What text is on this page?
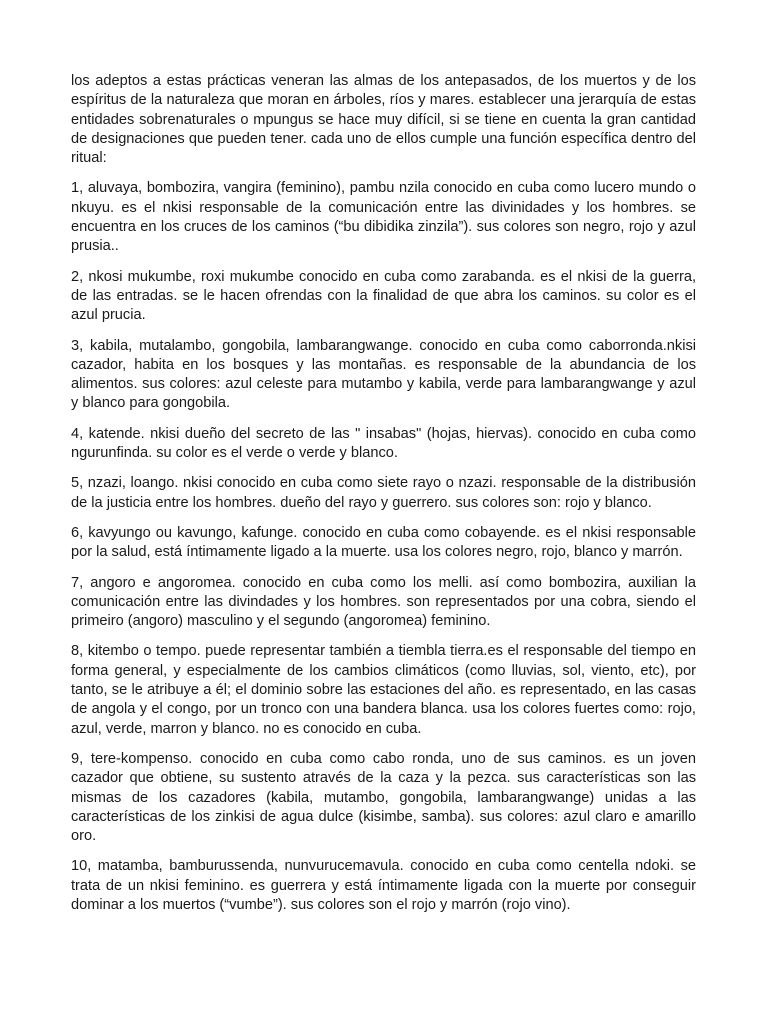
los adeptos a estas prácticas veneran las almas de los antepasados, de los muertos y de los espíritus de la naturaleza que moran en árboles, ríos y mares. establecer una jerarquía de estas entidades sobrenaturales o mpungus se hace muy difícil, si se tiene en cuenta la gran cantidad de designaciones que pueden tener. cada uno de ellos cumple una función específica dentro del ritual:

1, aluvaya, bombozira, vangira (feminino), pambu nzila conocido en cuba como lucero mundo o nkuyu. es el nkisi responsable de la comunicación entre las divinidades y los hombres. se encuentra en los cruces de los caminos (“bu dibidika zinzila”). sus colores son negro, rojo y azul prusia..

2, nkosi mukumbe, roxi mukumbe conocido en cuba como zarabanda. es el nkisi de la guerra, de las entradas. se le hacen ofrendas con la finalidad de que abra los caminos. su color es el azul prucia.

3, kabila, mutalambo, gongobila, lambarangwange. conocido en cuba como caborronda.nkisi cazador, habita en los bosques y las montañas. es responsable de la abundancia de los alimentos. sus colores: azul celeste para mutambo y kabila, verde para lambarangwange y azul y blanco para gongobila.

4, katende. nkisi dueño del secreto de las " insabas" (hojas, hiervas). conocido en cuba como ngurunfinda. su color es el verde o verde y blanco.

5, nzazi, loango. nkisi conocido en cuba como siete rayo o nzazi. responsable de la distribusión de la justicia entre los hombres. dueño del rayo y guerrero. sus colores son: rojo y blanco.

6, kavyungo ou kavungo, kafunge. conocido en cuba como cobayende. es el nkisi responsable por la salud, está íntimamente ligado a la muerte. usa los colores negro, rojo, blanco y marrón.

7, angoro e angoromea. conocido en cuba como los melli. así como bombozira, auxilian la comunicación entre las divindades y los hombres. son representados por una cobra, siendo el primeiro (angoro) masculino y el segundo (angoromea) feminino.

8, kitembo o tempo. puede representar también a tiembla tierra.es el responsable del tiempo en forma general, y especialmente de los cambios climáticos (como lluvias, sol, viento, etc), por tanto, se le atribuye a él; el dominio sobre las estaciones del año. es representado, en las casas de angola y el congo, por un tronco con una bandera blanca. usa los colores fuertes como: rojo, azul, verde, marron y blanco. no es conocido en cuba.

9, tere-kompenso. conocido en cuba como cabo ronda, uno de sus caminos. es un joven cazador que obtiene, su sustento através de la caza y la pezca. sus características son las mismas de los cazadores (kabila, mutambo, gongobila, lambarangwange) unidas a las características de los zinkisi de agua dulce (kisimbe, samba). sus colores: azul claro e amarillo oro.

10, matamba, bamburussenda, nunvurucemavula. conocido en cuba como centella ndoki. se trata de un nkisi feminino. es guerrera y está íntimamente ligada con la muerte por conseguir dominar a los muertos (“vumbe”). sus colores son el rojo y marrón (rojo vino).
